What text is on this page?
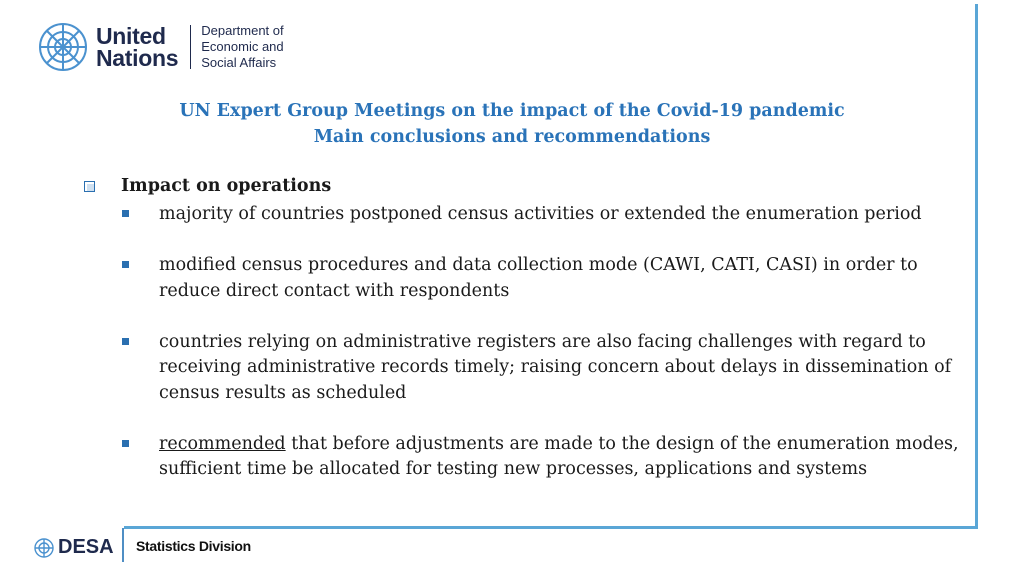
United
Nations
Department of
Economic and
Social Affairs
UN Expert Group Meetings on the impact of the Covid-19 pandemic
Main conclusions and recommendations
Impact on operations
majority of countries postponed census activities or extended the enumeration period
modified census procedures and data collection mode (CAWI, CATI, CASI) in order to reduce direct contact with respondents
countries relying on administrative registers are also facing challenges with regard to receiving administrative records timely; raising concern about delays in dissemination of census results as scheduled
recommended that before adjustments are made to the design of the enumeration modes, sufficient time be allocated for testing new processes, applications and systems
DESA Statistics Division
